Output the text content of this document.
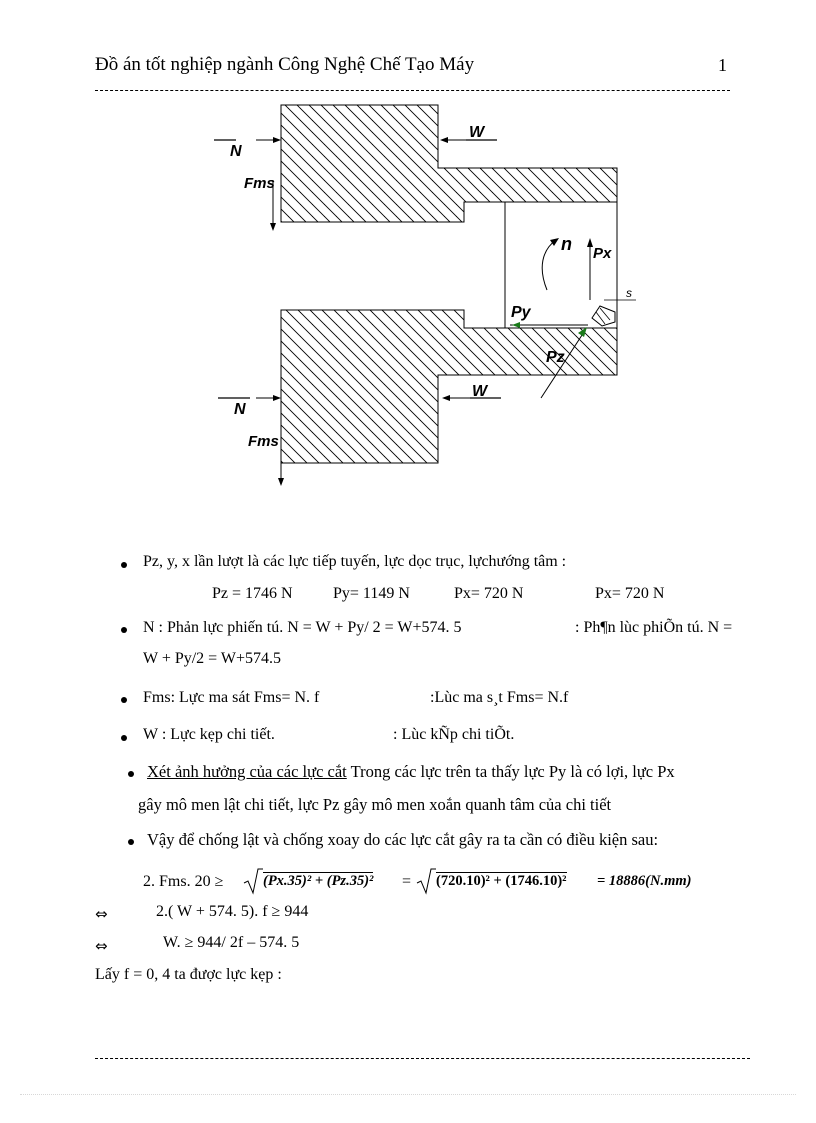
Đồ án tốt nghiệp ngành Công Nghệ Chế Tạo Máy	1
N
Fms
W
N
Fms
W
n Px
s
Py
Pz
Pz, y, x lần lượt là các lực tiếp tuyến, lực dọc trục, lựchướng tâm :
Pz = 1746 N	Py= 1149 N	Px= 720 N	Px= 720 N
N : Phản lực phiến tú. N = W + Py/ 2 = W+574. 5	: Ph¶n lùc phiÕn tú. N =
W + Py/2 = W+574.5
Fms: Lực ma sát Fms= N. f	:Lùc ma s¸t Fms= N.f
W : Lực kẹp chi tiết.	: Lùc kÑp chi tiÕt.
Xét ảnh hưởng của các lực cắt Trong các lực trên ta thấy lực Py là có lợi, lực Px
gây mô men lật chi tiết, lực Pz gây mô men xoắn quanh tâm của chi tiết
Vậy để chống lật và chống xoay do các lực cắt gây ra ta cần có điều kiện sau:
2. Fms. 20 ≥	(Px.35)² + (Pz.35)² = (720.10)² + (1746.10)² = 18886(N.mm)
⇔	2.( W + 574. 5). f ≥ 944
⇔	W. ≥ 944/ 2f – 574. 5
Lấy f = 0, 4 ta được lực kẹp :
